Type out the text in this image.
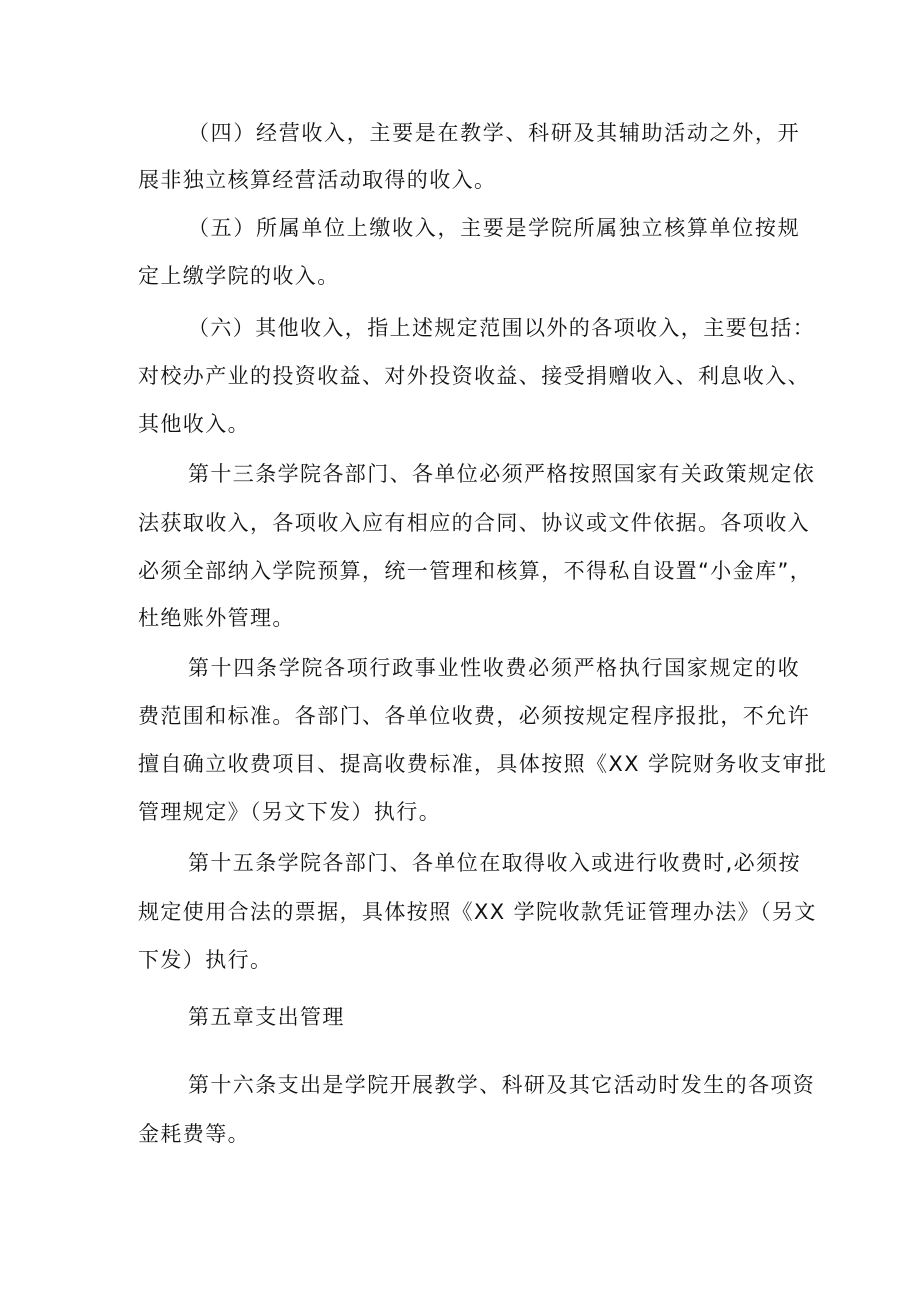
（四）经营收入，主要是在教学、科研及其辅助活动之外，开

展非独立核算经营活动取得的收入。

（五）所属单位上缴收入，主要是学院所属独立核算单位按规

定上缴学院的收入。

（六）其他收入，指上述规定范围以外的各项收入，主要包括：

对校办产业的投资收益、对外投资收益、接受捐赠收入、利息收入、

其他收入。

第十三条学院各部门、各单位必须严格按照国家有关政策规定依

法获取收入，各项收入应有相应的合同、协议或文件依据。各项收入

必须全部纳入学院预算，统一管理和核算，不得私自设置“小金库”，

杜绝账外管理。

第十四条学院各项行政事业性收费必须严格执行国家规定的收

费范围和标准。各部门、各单位收费，必须按规定程序报批，不允许

擅自确立收费项目、提高收费标准，具体按照《XX 学院财务收支审批

管理规定》（另文下发）执行。

第十五条学院各部门、各单位在取得收入或进行收费时,必须按

规定使用合法的票据，具体按照《XX 学院收款凭证管理办法》（另文

下发）执行。

第五章支出管理

第十六条支出是学院开展教学、科研及其它活动时发生的各项资

金耗费等。
